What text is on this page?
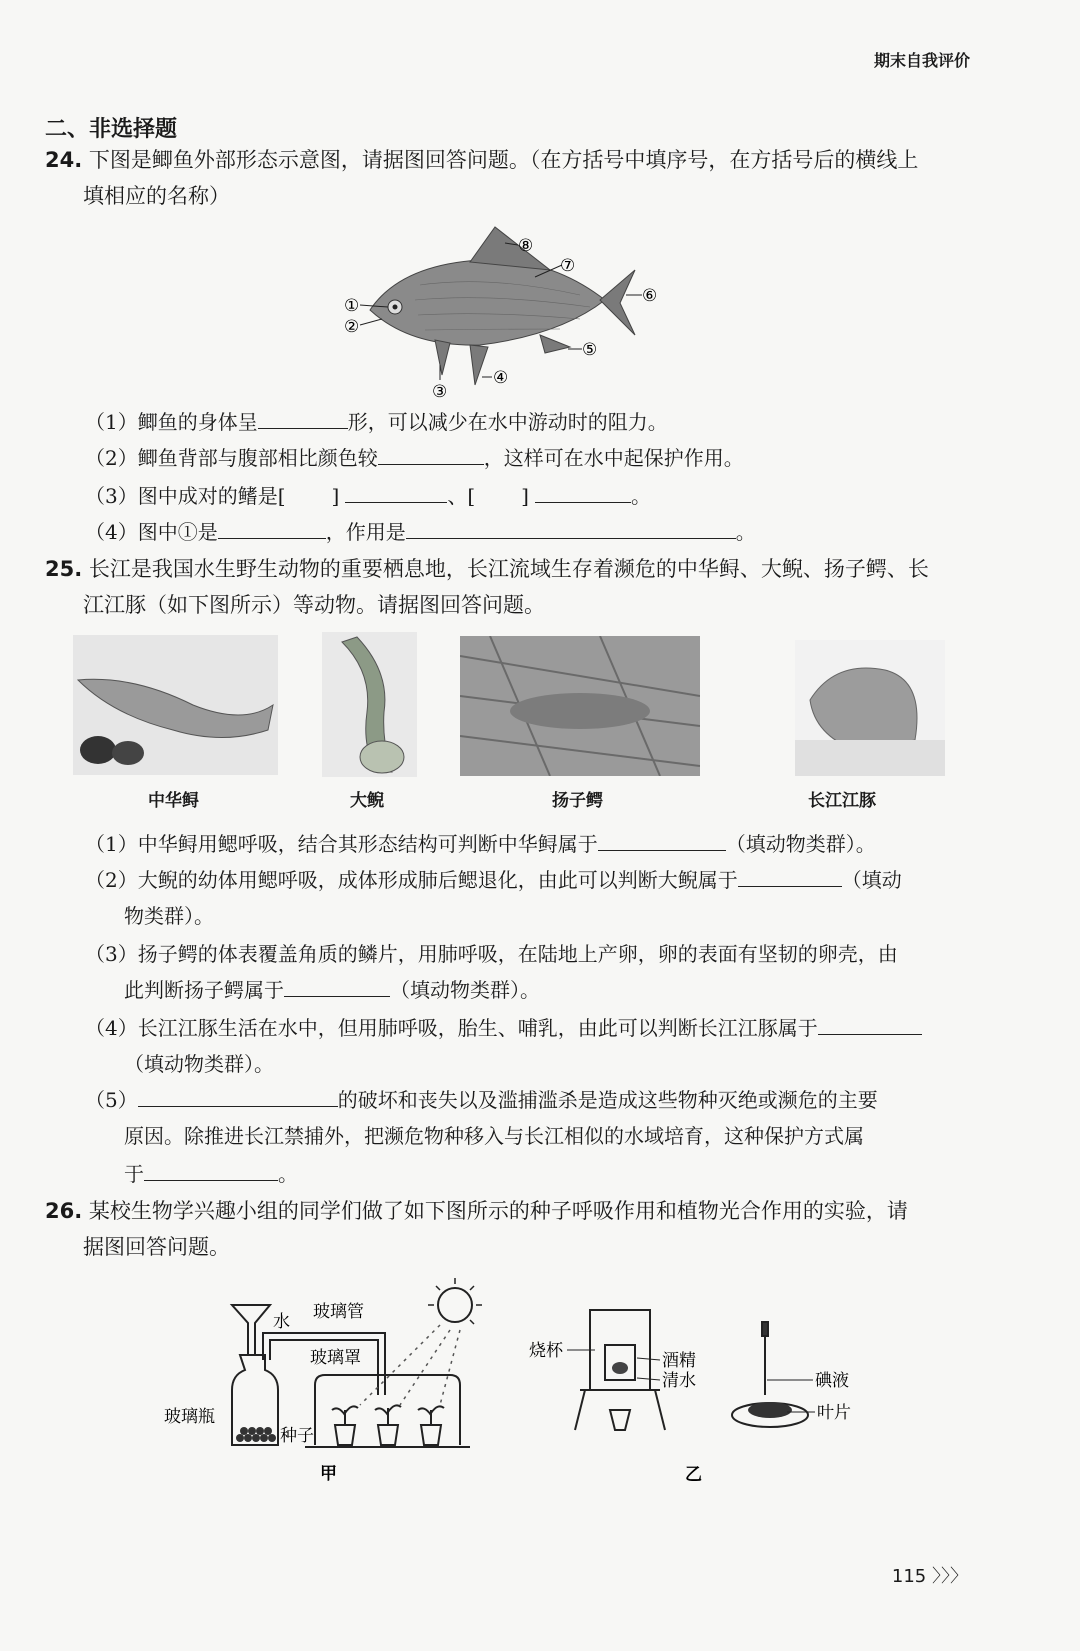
期末自我评价
二、非选择题
24. 下图是鲫鱼外部形态示意图，请据图回答问题。（在方括号中填序号，在方括号后的横线上
填相应的名称）
①
②
③
④
⑤
⑥
⑦
⑧
（1）鲫鱼的身体呈	形，可以减少在水中游动时的阻力。
（2）鲫鱼背部与腹部相比颜色较	，这样可在水中起保护作用。
（3）图中成对的鳍是[ ]	、[ ]	。
（4）图中①是	，作用是	。
25. 长江是我国水生野生动物的重要栖息地，长江流域生存着濒危的中华鲟、大鲵、扬子鳄、长
江江豚（如下图所示）等动物。请据图回答问题。
中华鲟	大鲵	扬子鳄	长江江豚
（1）中华鲟用鳃呼吸，结合其形态结构可判断中华鲟属于	（填动物类群）。
（2）大鲵的幼体用鳃呼吸，成体形成肺后鳃退化，由此可以判断大鲵属于	（填动
物类群）。
（3）扬子鳄的体表覆盖角质的鳞片，用肺呼吸，在陆地上产卵，卵的表面有坚韧的卵壳，由
此判断扬子鳄属于	（填动物类群）。
（4）长江江豚生活在水中，但用肺呼吸，胎生、哺乳，由此可以判断长江江豚属于
（填动物类群）。
（5）	的破坏和丧失以及滥捕滥杀是造成这些物种灭绝或濒危的主要
原因。除推进长江禁捕外，把濒危物种移入与长江相似的水域培育，这种保护方式属
于	。
26. 某校生物学兴趣小组的同学们做了如下图所示的种子呼吸作用和植物光合作用的实验，请
据图回答问题。
水 玻璃管
玻璃罩
玻璃瓶
种子
甲
烧杯	酒精
清水	碘液
叶片
乙
115 〉〉〉
